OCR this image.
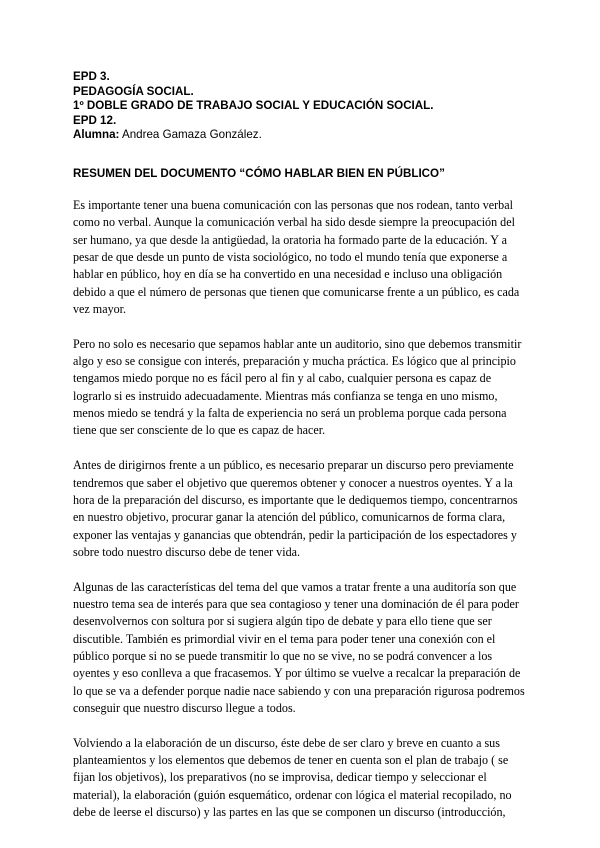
EPD 3.
PEDAGOGÍA SOCIAL.
1º DOBLE GRADO DE TRABAJO SOCIAL Y EDUCACIÓN SOCIAL.
EPD 12.
Alumna: Andrea Gamaza González.
RESUMEN DEL DOCUMENTO “CÓMO HABLAR BIEN EN PÚBLICO”

Es importante tener una buena comunicación con las personas que nos rodean, tanto verbal como no verbal. Aunque la comunicación verbal ha sido desde siempre la preocupación del ser humano, ya que desde la antigüedad, la oratoria ha formado parte de la educación. Y a pesar de que desde un punto de vista sociológico, no todo el mundo tenía que exponerse a hablar en público, hoy en día se ha convertido en una necesidad e incluso una obligación debido a que el número de personas que tienen que comunicarse frente a un público, es cada vez mayor.

Pero no solo es necesario que sepamos hablar ante un auditorio, sino que debemos transmitir algo y eso se consigue con interés, preparación y mucha práctica. Es lógico que al principio tengamos miedo porque no es fácil pero al fin y al cabo, cualquier persona es capaz de lograrlo si es instruido adecuadamente. Mientras más confianza se tenga en uno mismo, menos miedo se tendrá y la falta de experiencia no será un problema porque cada persona tiene que ser consciente de lo que es capaz de hacer.

Antes de dirigirnos frente a un público, es necesario preparar un discurso pero previamente tendremos que saber el objetivo que queremos obtener y conocer a nuestros oyentes. Y a la hora de la preparación del discurso, es importante que le dediquemos tiempo, concentrarnos en nuestro objetivo, procurar ganar la atención del público, comunicarnos de forma clara, exponer las ventajas y ganancias que obtendrán, pedir la participación de los espectadores y sobre todo nuestro discurso debe de tener vida.

Algunas de las características del tema del que vamos a tratar frente a una auditoría son que nuestro tema sea de interés para que sea contagioso y tener una dominación de él para poder desenvolvernos con soltura por si sugiera algún tipo de debate y para ello tiene que ser discutible. También es primordial vivir en el tema para poder tener una conexión con el público porque si no se puede transmitir lo que no se vive, no se podrá convencer a los oyentes y eso conlleva a que fracasemos. Y por último se vuelve a recalcar la preparación de lo que se va a defender porque nadie nace sabiendo y con una preparación rigurosa podremos conseguir que nuestro discurso llegue a todos.

Volviendo a la elaboración de un discurso, éste debe de ser claro y breve en cuanto a sus planteamientos y los elementos que debemos de tener en cuenta son el plan de trabajo ( se fijan los objetivos), los preparativos (no se improvisa, dedicar tiempo y seleccionar el material), la elaboración (guión esquemático, ordenar con lógica el material recopilado, no debe de leerse el discurso) y las partes en las que se componen un discurso (introducción,
